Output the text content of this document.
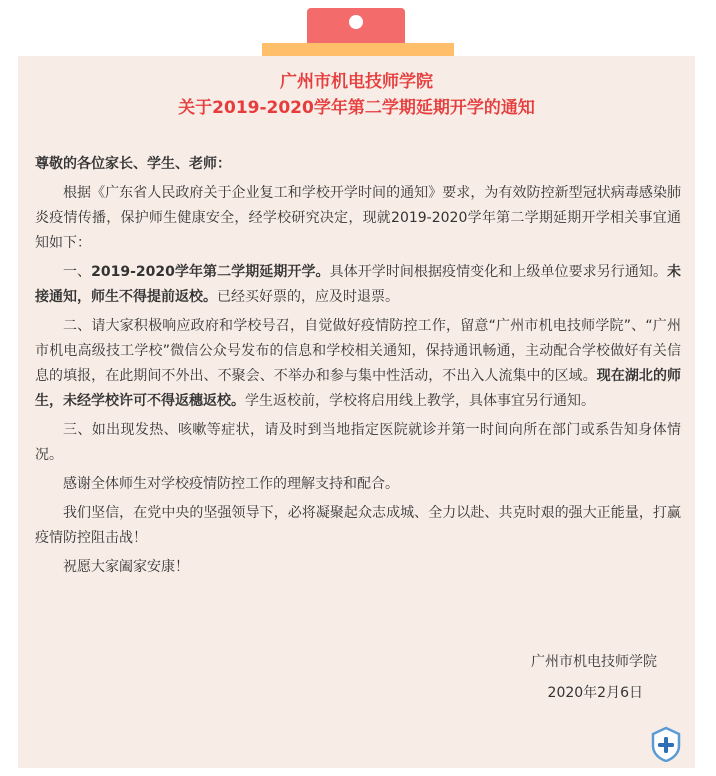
广州市机电技师学院
关于2019-2020学年第二学期延期开学的通知

尊敬的各位家长、学生、老师：

根据《广东省人民政府关于企业复工和学校开学时间的通知》要求，为有效防控新型冠状病毒感染肺炎疫情传播，保护师生健康安全，经学校研究决定，现就2019-2020学年第二学期延期开学相关事宜通知如下：

一、2019-2020学年第二学期延期开学。具体开学时间根据疫情变化和上级单位要求另行通知。未接通知，师生不得提前返校。已经买好票的，应及时退票。

二、请大家积极响应政府和学校号召，自觉做好疫情防控工作，留意“广州市机电技师学院”、“广州市机电高级技工学校”微信公众号发布的信息和学校相关通知，保持通讯畅通，主动配合学校做好有关信息的填报，在此期间不外出、不聚会、不举办和参与集中性活动，不出入人流集中的区域。现在湖北的师生，未经学校许可不得返穗返校。学生返校前，学校将启用线上教学，具体事宜另行通知。

三、如出现发热、咳嗽等症状，请及时到当地指定医院就诊并第一时间向所在部门或系告知身体情况。

感谢全体师生对学校疫情防控工作的理解支持和配合。

我们坚信，在党中央的坚强领导下，必将凝聚起众志成城、全力以赴、共克时艰的强大正能量，打赢疫情防控阻击战！

祝愿大家阖家安康！

广州市机电技师学院
2020年2月6日
